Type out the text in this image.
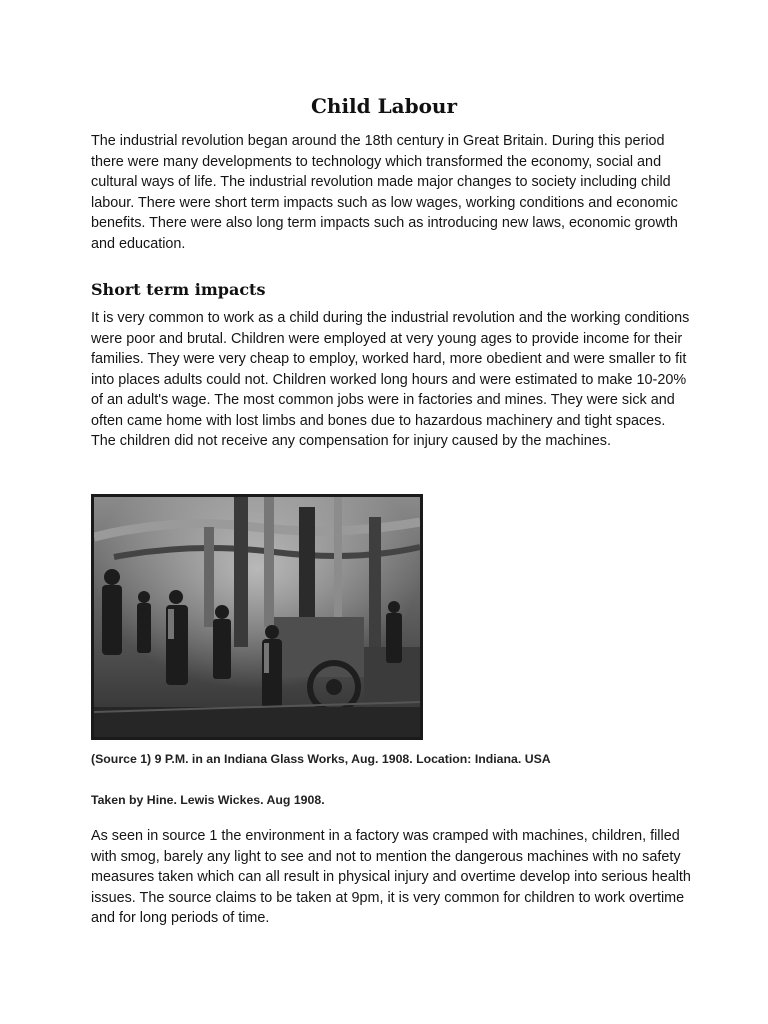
Child Labour

The industrial revolution began around the 18th century in Great Britain. During this period there were many developments to technology which transformed the economy, social and cultural ways of life. The industrial revolution made major changes to society including child labour. There were short term impacts such as low wages, working conditions and economic benefits. There were also long term impacts such as introducing new laws, economic growth and education.

Short term impacts

It is very common to work as a child during the industrial revolution and the working conditions were poor and brutal. Children were employed at very young ages to provide income for their families. They were very cheap to employ, worked hard, more obedient and were smaller to fit into places adults could not. Children worked long hours and were estimated to make 10-20% of an adult's wage. The most common jobs were in factories and mines. They were sick and often came home with lost limbs and bones due to hazardous machinery and tight spaces. The children did not receive any compensation for injury caused by the machines.

(Source 1) 9 P.M. in an Indiana Glass Works, Aug. 1908. Location: Indiana. USA

Taken by Hine. Lewis Wickes. Aug 1908.

As seen in source 1 the environment in a factory was cramped with machines, children, filled with smog, barely any light to see and not to mention the dangerous machines with no safety measures taken which can all result in physical injury and overtime develop into serious health issues. The source claims to be taken at 9pm, it is very common for children to work overtime and for long periods of time.
